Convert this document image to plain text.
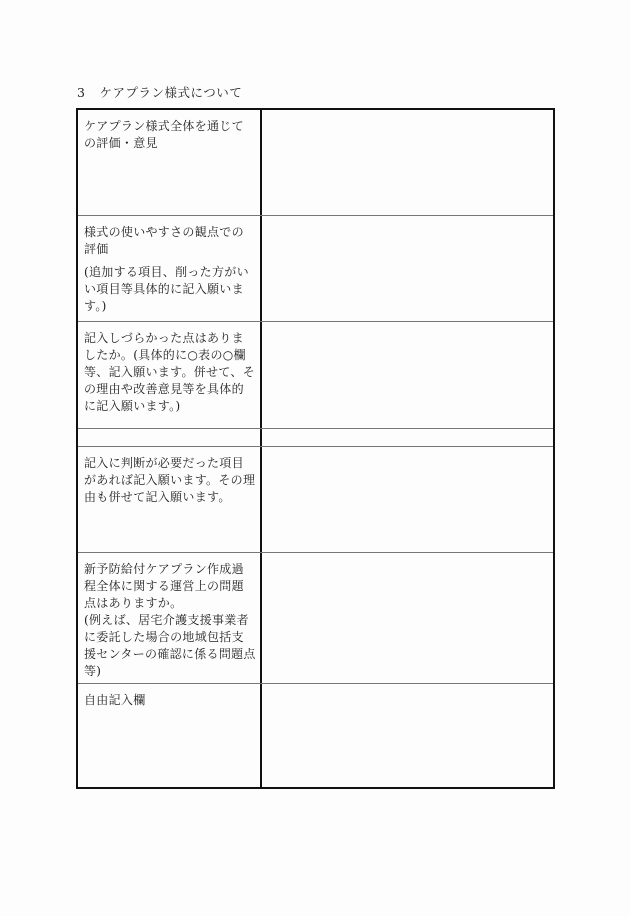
3 ケアプラン様式について

ケアプラン様式全体を通じての評価・意見

様式の使いやすさの観点での評価

(追加する項目、削った方がいい項目等具体的に記入願います。)

記入しづらかった点はありましたか。(具体的に○表の○欄等、記入願います。併せて、その理由や改善意見等を具体的に記入願います。)

記入に判断が必要だった項目があれば記入願います。その理由も併せて記入願います。

新予防給付ケアプラン作成過程全体に関する運営上の問題点はありますか。

(例えば、居宅介護支援事業者に委託した場合の地域包括支援センターの確認に係る問題点等)

自由記入欄
